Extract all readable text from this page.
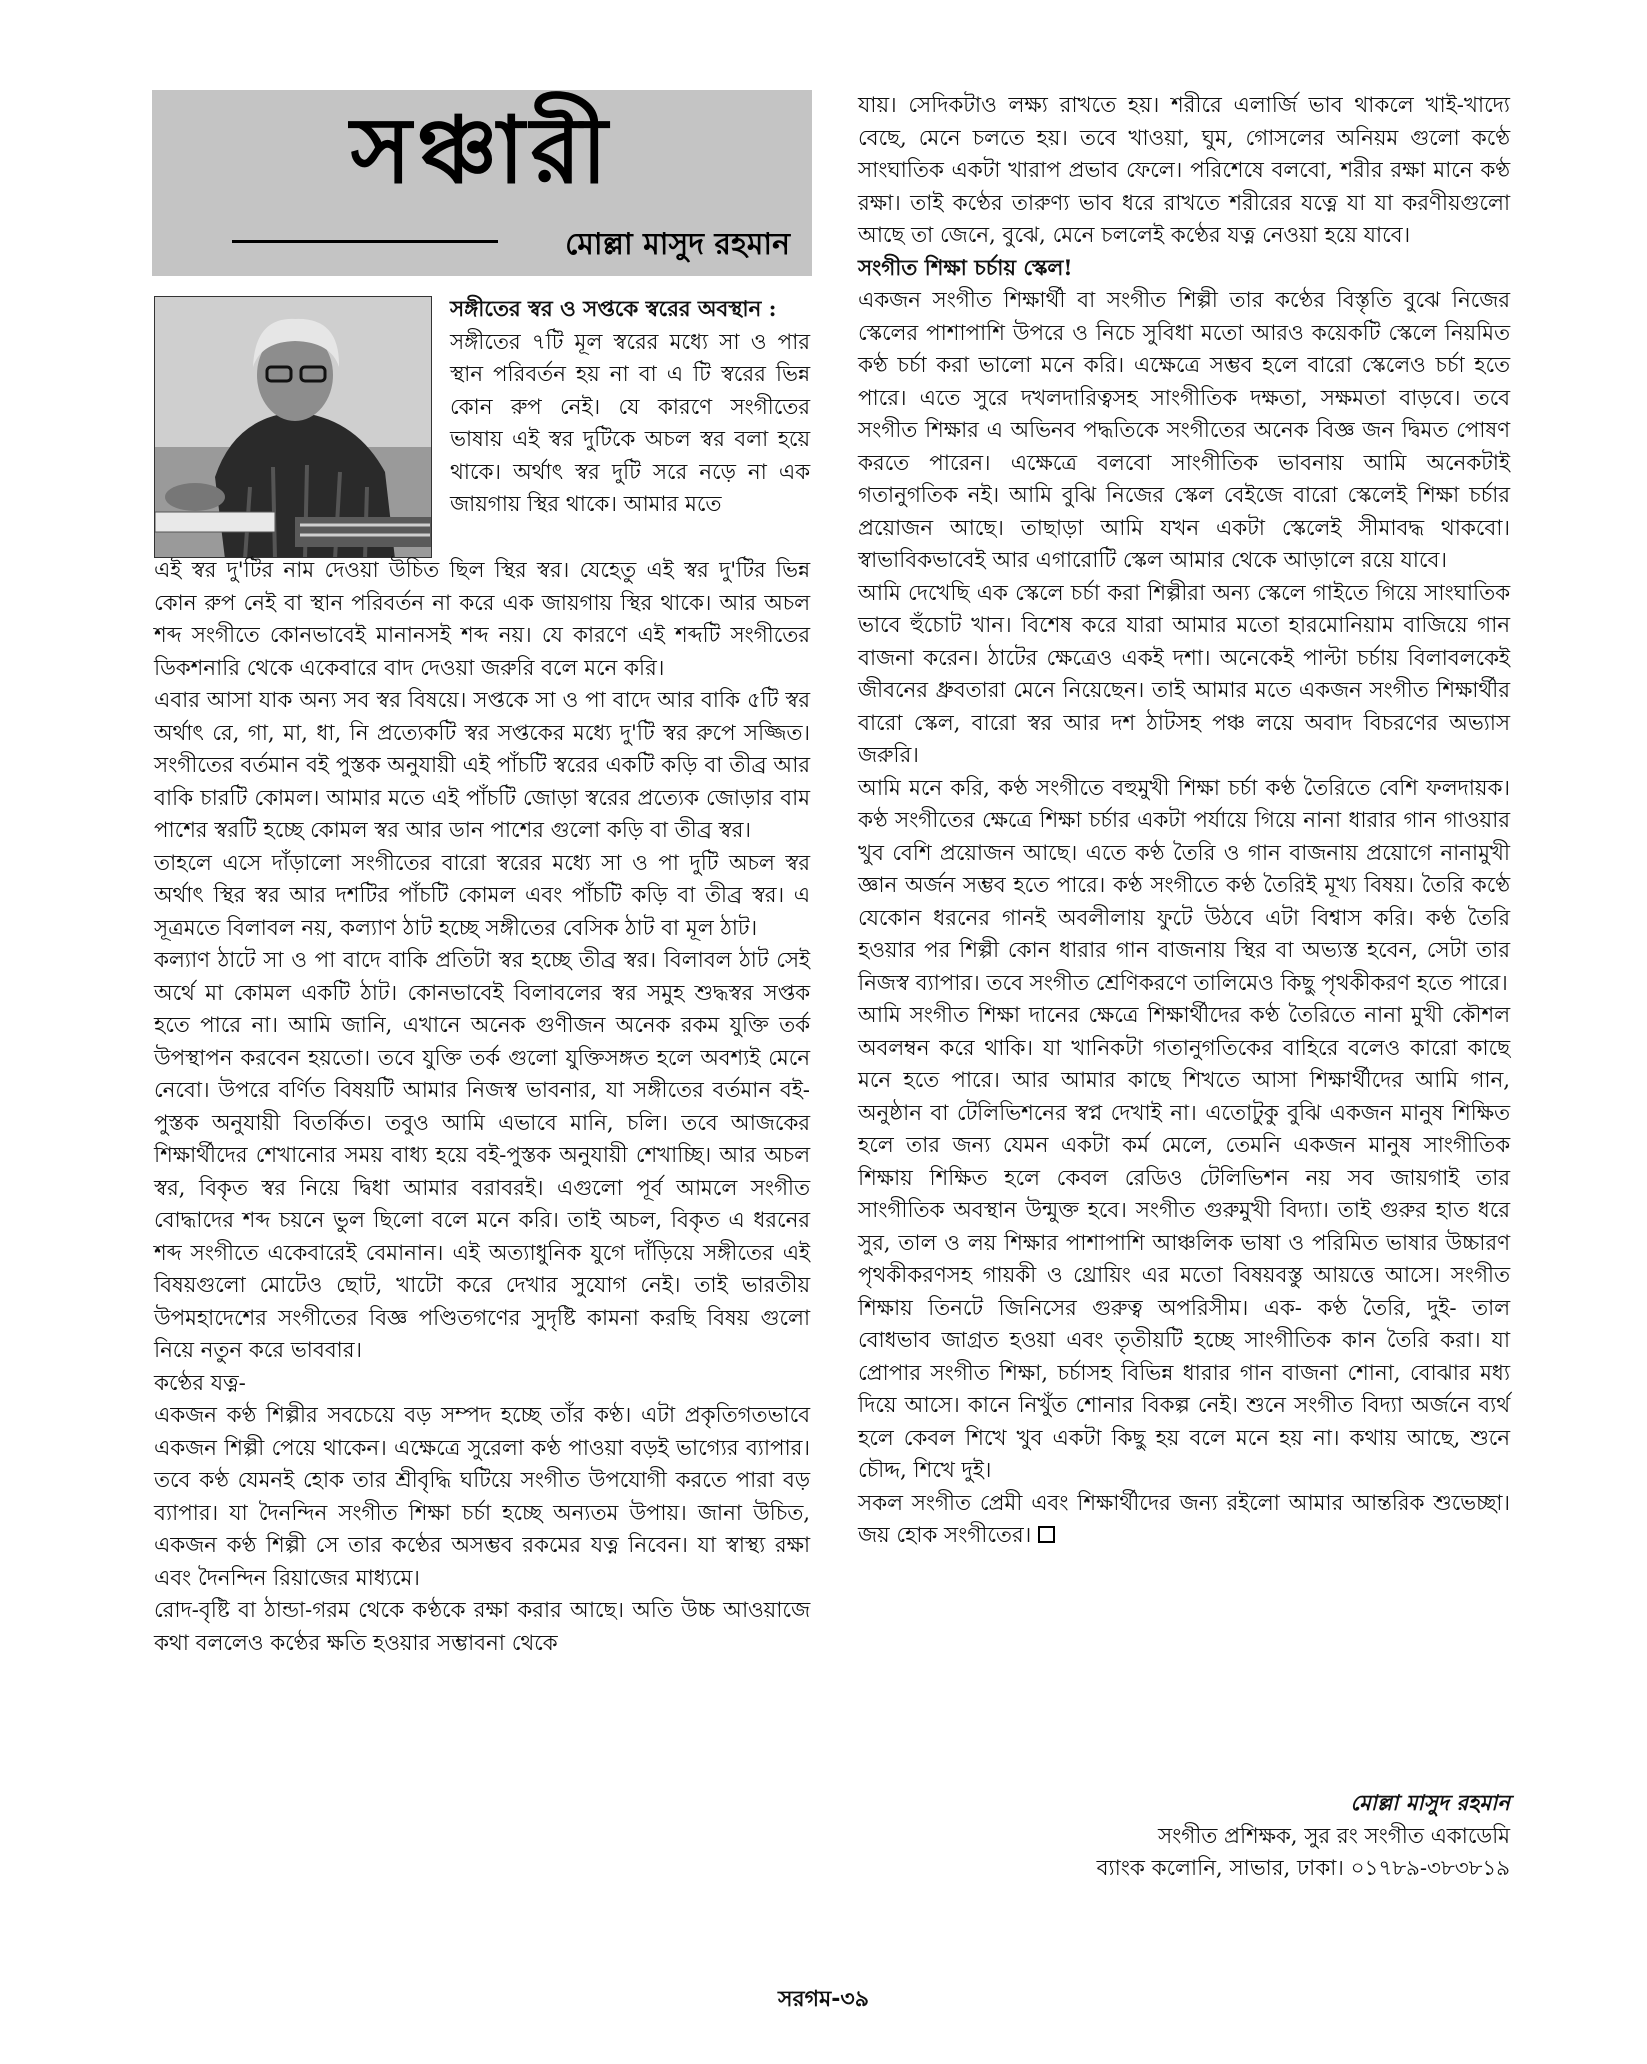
সঞ্চারী
মোল্লা মাসুদ রহমান

সঙ্গীতের স্বর ও সপ্তকে স্বরের অবস্থান :

সঙ্গীতের ৭টি মূল স্বরের মধ্যে সা ও পার স্থান পরিবর্তন হয় না বা এ টি স্বরের ভিন্ন কোন রুপ নেই। যে কারণে সংগীতের ভাষায় এই স্বর দুটিকে অচল স্বর বলা হয়ে থাকে। অর্থাৎ স্বর দুটি সরে নড়ে না এক জায়গায় স্থির থাকে। আমার মতে

এই স্বর দু'টির নাম দেওয়া উচিত ছিল স্থির স্বর। যেহেতু এই স্বর দু'টির ভিন্ন কোন রুপ নেই বা স্থান পরিবর্তন না করে এক জায়গায় স্থির থাকে। আর অচল শব্দ সংগীতে কোনভাবেই মানানসই শব্দ নয়। যে কারণে এই শব্দটি সংগীতের ডিকশনারি থেকে একেবারে বাদ দেওয়া জরুরি বলে মনে করি।

এবার আসা যাক অন্য সব স্বর বিষয়ে। সপ্তকে সা ও পা বাদে আর বাকি ৫টি স্বর অর্থাৎ রে, গা, মা, ধা, নি প্রত্যেকটি স্বর সপ্তকের মধ্যে দু'টি স্বর রুপে সজ্জিত। সংগীতের বর্তমান বই পুস্তক অনুযায়ী এই পাঁচটি স্বরের একটি কড়ি বা তীব্র আর বাকি চারটি কোমল। আমার মতে এই পাঁচটি জোড়া স্বরের প্রত্যেক জোড়ার বাম পাশের স্বরটি হচ্ছে কোমল স্বর আর ডান পাশের গুলো কড়ি বা তীব্র স্বর।

তাহলে এসে দাঁড়ালো সংগীতের বারো স্বরের মধ্যে সা ও পা দুটি অচল স্বর অর্থাৎ স্থির স্বর আর দশটির পাঁচটি কোমল এবং পাঁচটি কড়ি বা তীব্র স্বর। এ সূত্রমতে বিলাবল নয়, কল্যাণ ঠাট হচ্ছে সঙ্গীতের বেসিক ঠাট বা মূল ঠাট।

কল্যাণ ঠাটে সা ও পা বাদে বাকি প্রতিটা স্বর হচ্ছে তীব্র স্বর। বিলাবল ঠাট সেই অর্থে মা কোমল একটি ঠাট। কোনভাবেই বিলাবলের স্বর সমুহ শুদ্ধস্বর সপ্তক হতে পারে না। আমি জানি, এখানে অনেক গুণীজন অনেক রকম যুক্তি তর্ক উপস্থাপন করবেন হয়তো। তবে যুক্তি তর্ক গুলো যুক্তিসঙ্গত হলে অবশ্যই মেনে নেবো। উপরে বর্ণিত বিষয়টি আমার নিজস্ব ভাবনার, যা সঙ্গীতের বর্তমান বই-পুস্তক অনুযায়ী বিতর্কিত। তবুও আমি এভাবে মানি, চলি। তবে আজকের শিক্ষার্থীদের শেখানোর সময় বাধ্য হয়ে বই-পুস্তক অনুযায়ী শেখাচ্ছি। আর অচল স্বর, বিকৃত স্বর নিয়ে দ্বিধা আমার বরাবরই। এগুলো পূর্ব আমলে সংগীত বোদ্ধাদের শব্দ চয়নে ভুল ছিলো বলে মনে করি। তাই অচল, বিকৃত এ ধরনের শব্দ সংগীতে একেবারেই বেমানান। এই অত্যাধুনিক যুগে দাঁড়িয়ে সঙ্গীতের এই বিষয়গুলো মোটেও ছোট, খাটো করে দেখার সুযোগ নেই। তাই ভারতীয় উপমহাদেশের সংগীতের বিজ্ঞ পণ্ডিতগণের সুদৃষ্টি কামনা করছি বিষয় গুলো নিয়ে নতুন করে ভাববার।

কণ্ঠের যত্ন-

একজন কণ্ঠ শিল্পীর সবচেয়ে বড় সম্পদ হচ্ছে তাঁর কণ্ঠ। এটা প্রকৃতিগতভাবে একজন শিল্পী পেয়ে থাকেন। এক্ষেত্রে সুরেলা কণ্ঠ পাওয়া বড়ই ভাগ্যের ব্যাপার। তবে কণ্ঠ যেমনই হোক তার শ্রীবৃদ্ধি ঘটিয়ে সংগীত উপযোগী করতে পারা বড় ব্যাপার। যা দৈনন্দিন সংগীত শিক্ষা চর্চা হচ্ছে অন্যতম উপায়। জানা উচিত, একজন কণ্ঠ শিল্পী সে তার কণ্ঠের অসম্ভব রকমের যত্ন নিবেন। যা স্বাস্থ্য রক্ষা এবং দৈনন্দিন রিয়াজের মাধ্যমে।

রোদ-বৃষ্টি বা ঠান্ডা-গরম থেকে কণ্ঠকে রক্ষা করার আছে। অতি উচ্চ আওয়াজে কথা বললেও কণ্ঠের ক্ষতি হওয়ার সম্ভাবনা থেকে

যায়। সেদিকটাও লক্ষ্য রাখতে হয়। শরীরে এলার্জি ভাব থাকলে খাই-খাদ্যে বেছে, মেনে চলতে হয়। তবে খাওয়া, ঘুম, গোসলের অনিয়ম গুলো কণ্ঠে সাংঘাতিক একটা খারাপ প্রভাব ফেলে। পরিশেষে বলবো, শরীর রক্ষা মানে কণ্ঠ রক্ষা। তাই কণ্ঠের তারুণ্য ভাব ধরে রাখতে শরীরের যত্নে যা যা করণীয়গুলো আছে তা জেনে, বুঝে, মেনে চললেই কণ্ঠের যত্ন নেওয়া হয়ে যাবে।

সংগীত শিক্ষা চর্চায় স্কেল!

একজন সংগীত শিক্ষার্থী বা সংগীত শিল্পী তার কণ্ঠের বিস্তৃতি বুঝে নিজের স্কেলের পাশাপাশি উপরে ও নিচে সুবিধা মতো আরও কয়েকটি স্কেলে নিয়মিত কণ্ঠ চর্চা করা ভালো মনে করি। এক্ষেত্রে সম্ভব হলে বারো স্কেলেও চর্চা হতে পারে। এতে সুরে দখলদারিত্বসহ সাংগীতিক দক্ষতা, সক্ষমতা বাড়বে। তবে সংগীত শিক্ষার এ অভিনব পদ্ধতিকে সংগীতের অনেক বিজ্ঞ জন দ্বিমত পোষণ করতে পারেন। এক্ষেত্রে বলবো সাংগীতিক ভাবনায় আমি অনেকটাই গতানুগতিক নই। আমি বুঝি নিজের স্কেল বেইজে বারো স্কেলেই শিক্ষা চর্চার প্রয়োজন আছে। তাছাড়া আমি যখন একটা স্কেলেই সীমাবদ্ধ থাকবো। স্বাভাবিকভাবেই আর এগারোটি স্কেল আমার থেকে আড়ালে রয়ে যাবে।

আমি দেখেছি এক স্কেলে চর্চা করা শিল্পীরা অন্য স্কেলে গাইতে গিয়ে সাংঘাতিক ভাবে হুঁচোট খান। বিশেষ করে যারা আমার মতো হারমোনিয়াম বাজিয়ে গান বাজনা করেন। ঠাটের ক্ষেত্রেও একই দশা। অনেকেই পাল্টা চর্চায় বিলাবলকেই জীবনের ধ্রুবতারা মেনে নিয়েছেন। তাই আমার মতে একজন সংগীত শিক্ষার্থীর বারো স্কেল, বারো স্বর আর দশ ঠাটসহ পঞ্চ লয়ে অবাদ বিচরণের অভ্যাস জরুরি।

আমি মনে করি, কণ্ঠ সংগীতে বহুমুখী শিক্ষা চর্চা কণ্ঠ তৈরিতে বেশি ফলদায়ক। কণ্ঠ সংগীতের ক্ষেত্রে শিক্ষা চর্চার একটা পর্যায়ে গিয়ে নানা ধারার গান গাওয়ার খুব বেশি প্রয়োজন আছে। এতে কণ্ঠ তৈরি ও গান বাজনায় প্রয়োগে নানামুখী জ্ঞান অর্জন সম্ভব হতে পারে। কণ্ঠ সংগীতে কণ্ঠ তৈরিই মূখ্য বিষয়। তৈরি কণ্ঠে যেকোন ধরনের গানই অবলীলায় ফুটে উঠবে এটা বিশ্বাস করি। কণ্ঠ তৈরি হওয়ার পর শিল্পী কোন ধারার গান বাজনায় স্থির বা অভ্যস্ত হবেন, সেটা তার নিজস্ব ব্যাপার। তবে সংগীত শ্রেণিকরণে তালিমেও কিছু পৃথকীকরণ হতে পারে।

আমি সংগীত শিক্ষা দানের ক্ষেত্রে শিক্ষার্থীদের কণ্ঠ তৈরিতে নানা মুখী কৌশল অবলম্বন করে থাকি। যা খানিকটা গতানুগতিকের বাহিরে বলেও কারো কাছে মনে হতে পারে। আর আমার কাছে শিখতে আসা শিক্ষার্থীদের আমি গান, অনুষ্ঠান বা টেলিভিশনের স্বপ্ন দেখাই না। এতোটুকু বুঝি একজন মানুষ শিক্ষিত হলে তার জন্য যেমন একটা কর্ম মেলে, তেমনি একজন মানুষ সাংগীতিক শিক্ষায় শিক্ষিত হলে কেবল রেডিও টেলিভিশন নয় সব জায়গাই তার সাংগীতিক অবস্থান উন্মুক্ত হবে। সংগীত গুরুমুখী বিদ্যা। তাই গুরুর হাত ধরে সুর, তাল ও লয় শিক্ষার পাশাপাশি আঞ্চলিক ভাষা ও পরিমিত ভাষার উচ্চারণ পৃথকীকরণসহ গায়কী ও থ্রোয়িং এর মতো বিষয়বস্তু আয়ত্তে আসে। সংগীত শিক্ষায় তিনটে জিনিসের গুরুত্ব অপরিসীম। এক- কণ্ঠ তৈরি, দুই- তাল বোধভাব জাগ্রত হওয়া এবং তৃতীয়টি হচ্ছে সাংগীতিক কান তৈরি করা। যা প্রোপার সংগীত শিক্ষা, চর্চাসহ বিভিন্ন ধারার গান বাজনা শোনা, বোঝার মধ্য দিয়ে আসে। কানে নিখুঁত শোনার বিকল্প নেই। শুনে সংগীত বিদ্যা অর্জনে ব্যর্থ হলে কেবল শিখে খুব একটা কিছু হয় বলে মনে হয় না। কথায় আছে, শুনে চৌদ্দ, শিখে দুই।

সকল সংগীত প্রেমী এবং শিক্ষার্থীদের জন্য রইলো আমার আন্তরিক শুভেচ্ছা। জয় হোক সংগীতের।

মোল্লা মাসুদ রহমান
সংগীত প্রশিক্ষক, সুর রং সংগীত একাডেমি
ব্যাংক কলোনি, সাভার, ঢাকা। ০১৭৮৯-৩৮৩৮১৯
সরগম-৩৯
